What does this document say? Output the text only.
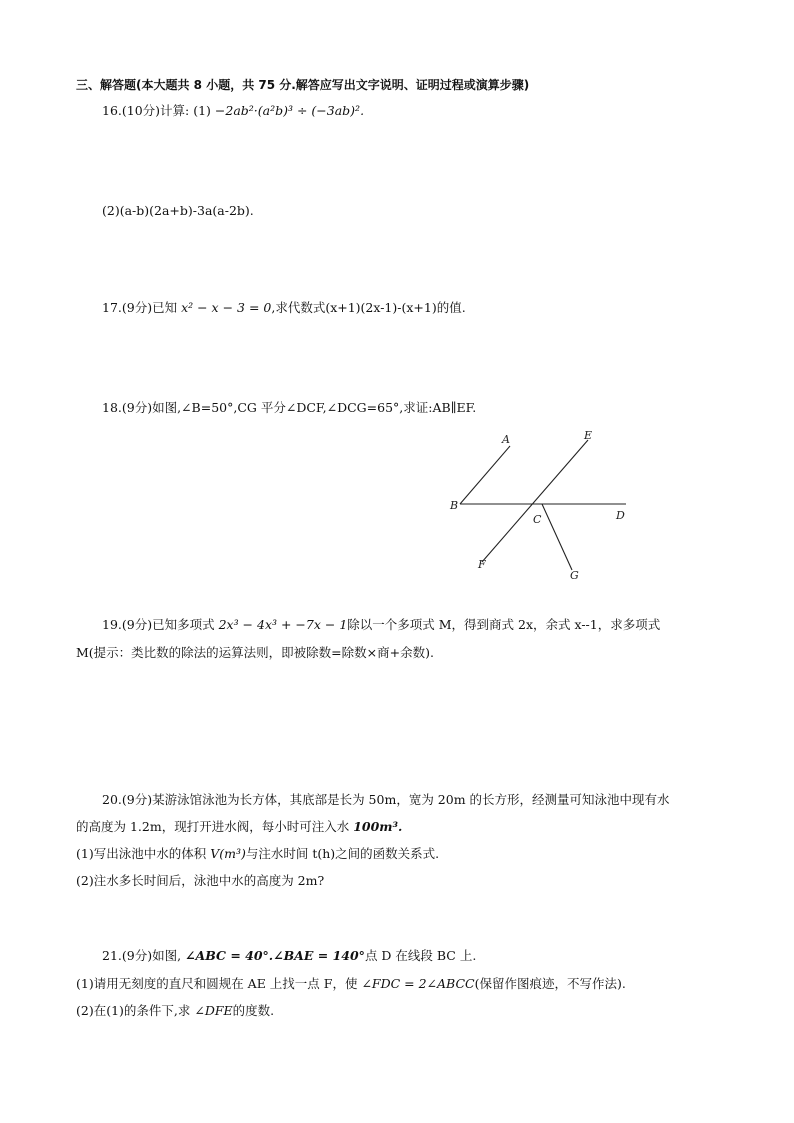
三、解答题(本大题共 8 小题，共 75 分.解答应写出文字说明、证明过程或演算步骤)
16.(10分)计算: (1) −2ab²·(a²b)³ ÷ (−3ab)².
(2)(a-b)(2a+b)-3a(a-2b).
17.(9分)已知 x² − x − 3 = 0,求代数式(x+1)(2x-1)-(x+1)的值.
18.(9分)如图,∠B=50°,CG 平分∠DCF,∠DCG=65°,求证:AB∥EF.
A	E
B
C	D
F
G
19.(9分)已知多项式 2x³ − 4x³ + −7x − 1除以一个多项式 M，得到商式 2x，余式 x--1，求多项式
M(提示：类比数的除法的运算法则，即被除数=除数×商+余数).
20.(9分)某游泳馆泳池为长方体，其底部是长为 50m，宽为 20m 的长方形，经测量可知泳池中现有水
的高度为 1.2m，现打开进水阀，每小时可注入水 100m³.
(1)写出泳池中水的体积 V(m³)与注水时间 t(h)之间的函数关系式.
(2)注水多长时间后，泳池中水的高度为 2m?
21.(9分)如图, ∠ABC = 40°.∠BAE = 140°点 D 在线段 BC 上.
(1)请用无刻度的直尺和圆规在 AE 上找一点 F，使 ∠FDC = 2∠ABCC(保留作图痕迹，不写作法).
(2)在(1)的条件下,求 ∠DFE的度数.
